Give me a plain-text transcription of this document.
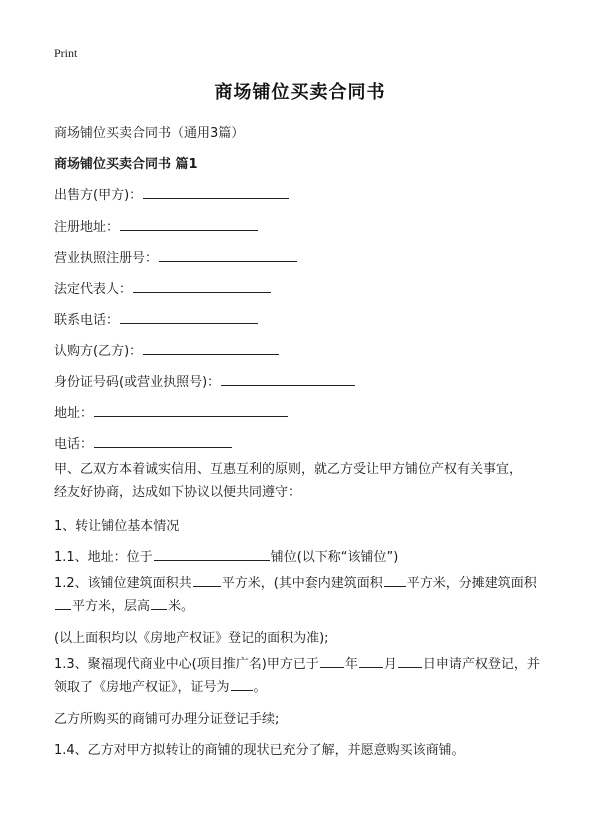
Print
商场铺位买卖合同书
商场铺位买卖合同书（通用3篇）
商场铺位买卖合同书 篇1
出售方(甲方)：
注册地址：
营业执照注册号：
法定代表人：
联系电话：
认购方(乙方)：
身份证号码(或营业执照号)：
地址：
电话：
甲、乙双方本着诚实信用、互惠互利的原则，就乙方受让甲方铺位产权有关事宜，
经友好协商，达成如下协议以便共同遵守：
1、转让铺位基本情况
1.1、地址：位于	铺位(以下称“该铺位”)
1.2、该铺位建筑面积共 平方米，(其中套内建筑面积 平方米，分摊建筑面积
平方米，层高 米。
(以上面积均以《房地产权证》登记的面积为准);
1.3、聚福现代商业中心(项目推广名)甲方已于 年 月 日申请产权登记，并
领取了《房地产权证》，证号为 。
乙方所购买的商铺可办理分证登记手续;
1.4、乙方对甲方拟转让的商铺的现状已充分了解，并愿意购买该商铺。
